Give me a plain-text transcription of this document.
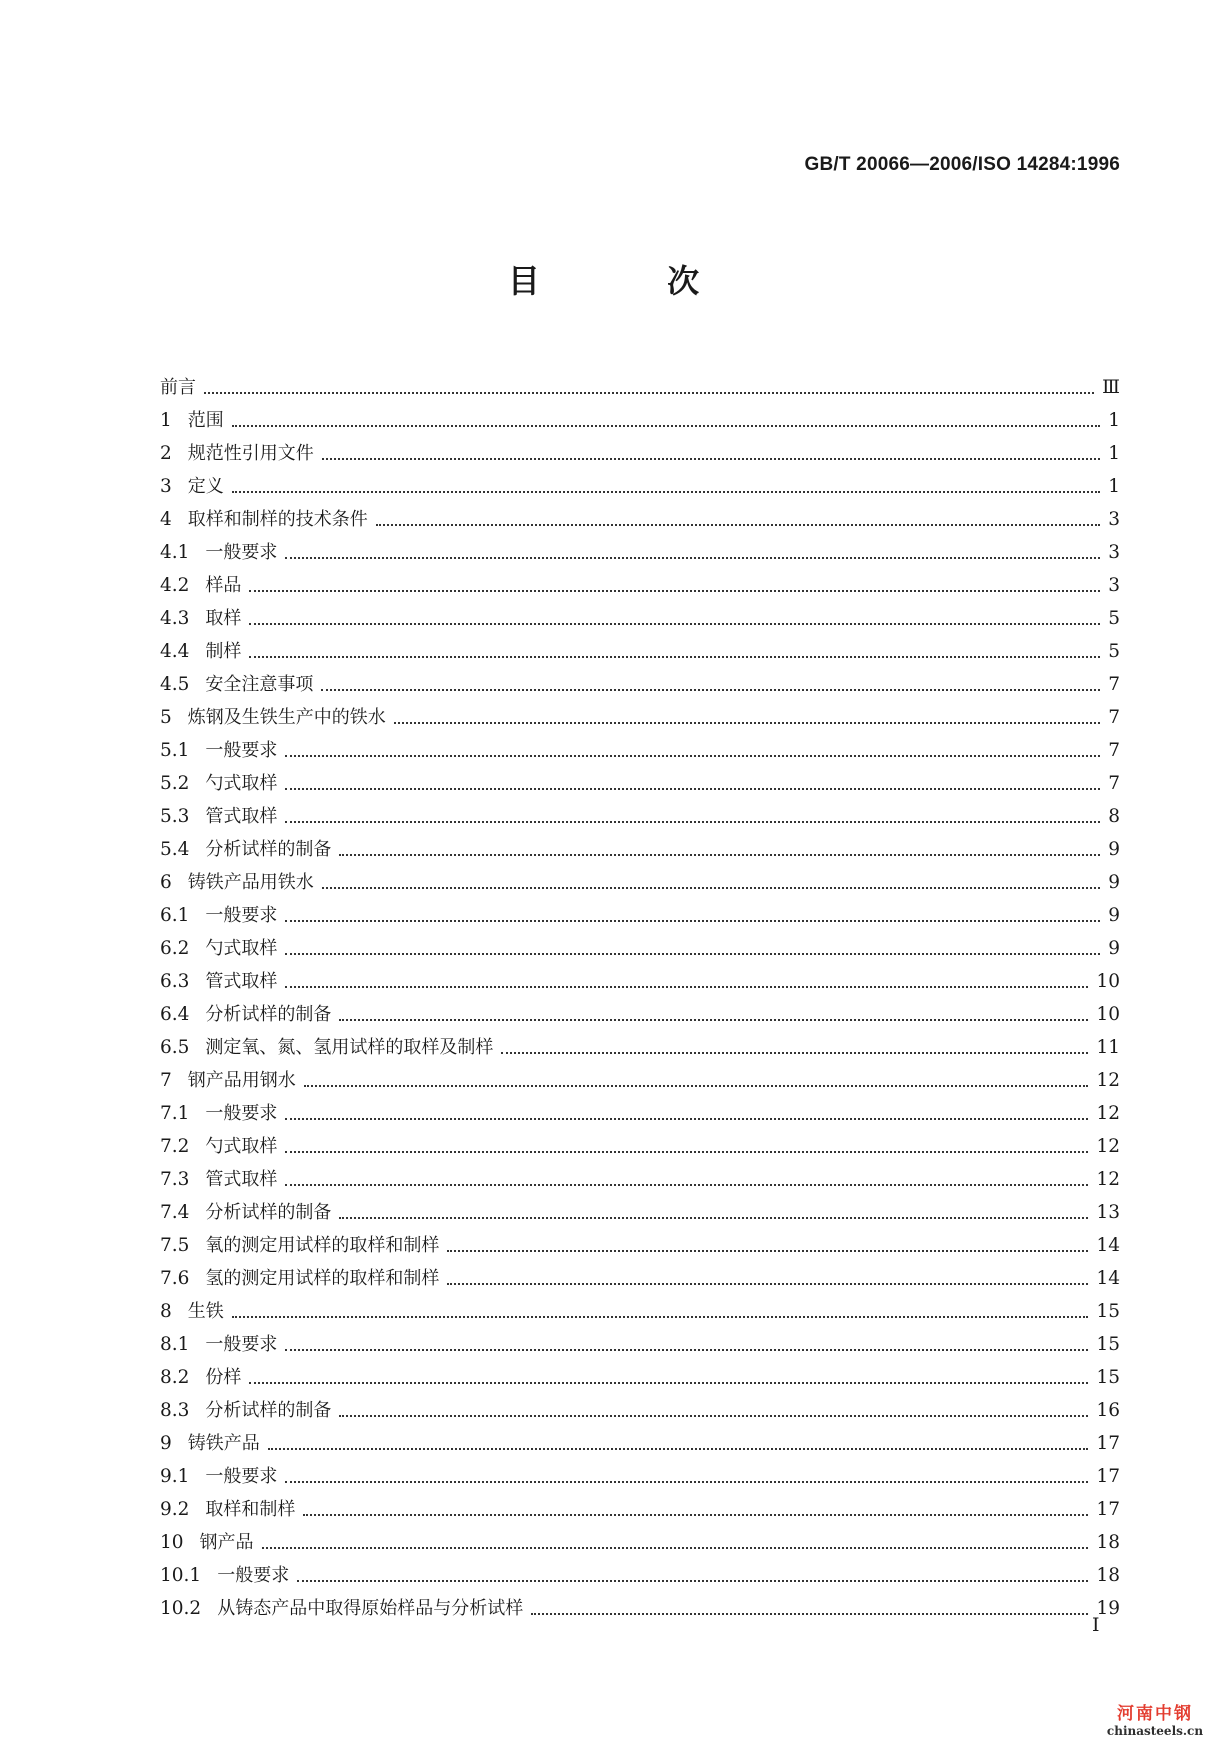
GB/T 20066—2006/ISO 14284:1996
目 次
前言	Ⅲ
1 范围	1
2 规范性引用文件	1
3 定义	1
4 取样和制样的技术条件	3
4.1 一般要求	3
4.2 样品	3
4.3 取样	5
4.4 制样	5
4.5 安全注意事项	7
5 炼钢及生铁生产中的铁水	7
5.1 一般要求	7
5.2 勺式取样	7
5.3 管式取样	8
5.4 分析试样的制备	9
6 铸铁产品用铁水	9
6.1 一般要求	9
6.2 勺式取样	9
6.3 管式取样	10
6.4 分析试样的制备	10
6.5 测定氧、氮、氢用试样的取样及制样	11
7 钢产品用钢水	12
7.1 一般要求	12
7.2 勺式取样	12
7.3 管式取样	12
7.4 分析试样的制备	13
7.5 氧的测定用试样的取样和制样	14
7.6 氢的测定用试样的取样和制样	14
8 生铁	15
8.1 一般要求	15
8.2 份样	15
8.3 分析试样的制备	16
9 铸铁产品	17
9.1 一般要求	17
9.2 取样和制样	17
10 钢产品	18
10.1 一般要求	18
10.2 从铸态产品中取得原始样品与分析试样	19
I
河南中钢
chinasteels.cn
